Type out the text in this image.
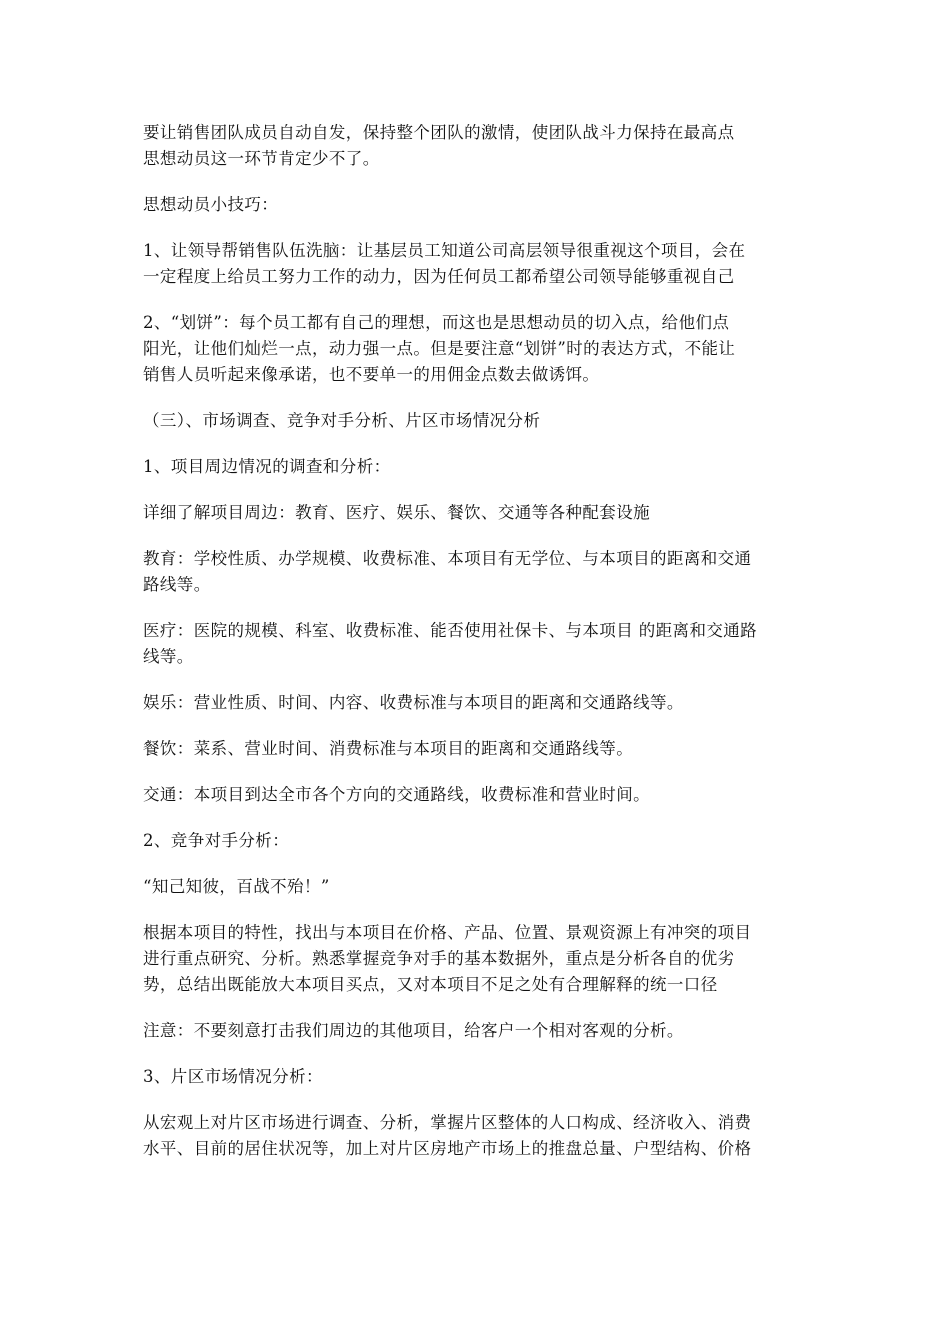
要让销售团队成员自动自发，保持整个团队的激情，使团队战斗力保持在最高点
思想动员这一环节肯定少不了。

思想动员小技巧：

1、让领导帮销售队伍洗脑：让基层员工知道公司高层领导很重视这个项目，会在
一定程度上给员工努力工作的动力，因为任何员工都希望公司领导能够重视自己

2、“划饼”：每个员工都有自己的理想，而这也是思想动员的切入点，给他们点
阳光，让他们灿烂一点，动力强一点。但是要注意“划饼”时的表达方式，不能让
销售人员听起来像承诺，也不要单一的用佣金点数去做诱饵。

（三）、市场调查、竞争对手分析、片区市场情况分析

1、项目周边情况的调查和分析：

详细了解项目周边：教育、医疗、娱乐、餐饮、交通等各种配套设施

教育：学校性质、办学规模、收费标准、本项目有无学位、与本项目的距离和交通
路线等。

医疗：医院的规模、科室、收费标准、能否使用社保卡、与本项目 的距离和交通路
线等。

娱乐：营业性质、时间、内容、收费标准与本项目的距离和交通路线等。

餐饮：菜系、营业时间、消费标准与本项目的距离和交通路线等。

交通：本项目到达全市各个方向的交通路线，收费标准和营业时间。

2、竞争对手分析：

“知己知彼，百战不殆！”

根据本项目的特性，找出与本项目在价格、产品、位置、景观资源上有冲突的项目
进行重点研究、分析。熟悉掌握竞争对手的基本数据外，重点是分析各自的优劣
势，总结出既能放大本项目买点，又对本项目不足之处有合理解释的统一口径

注意：不要刻意打击我们周边的其他项目，给客户一个相对客观的分析。

3、片区市场情况分析：

从宏观上对片区市场进行调查、分析，掌握片区整体的人口构成、经济收入、消费
水平、目前的居住状况等，加上对片区房地产市场上的推盘总量、户型结构、价格
